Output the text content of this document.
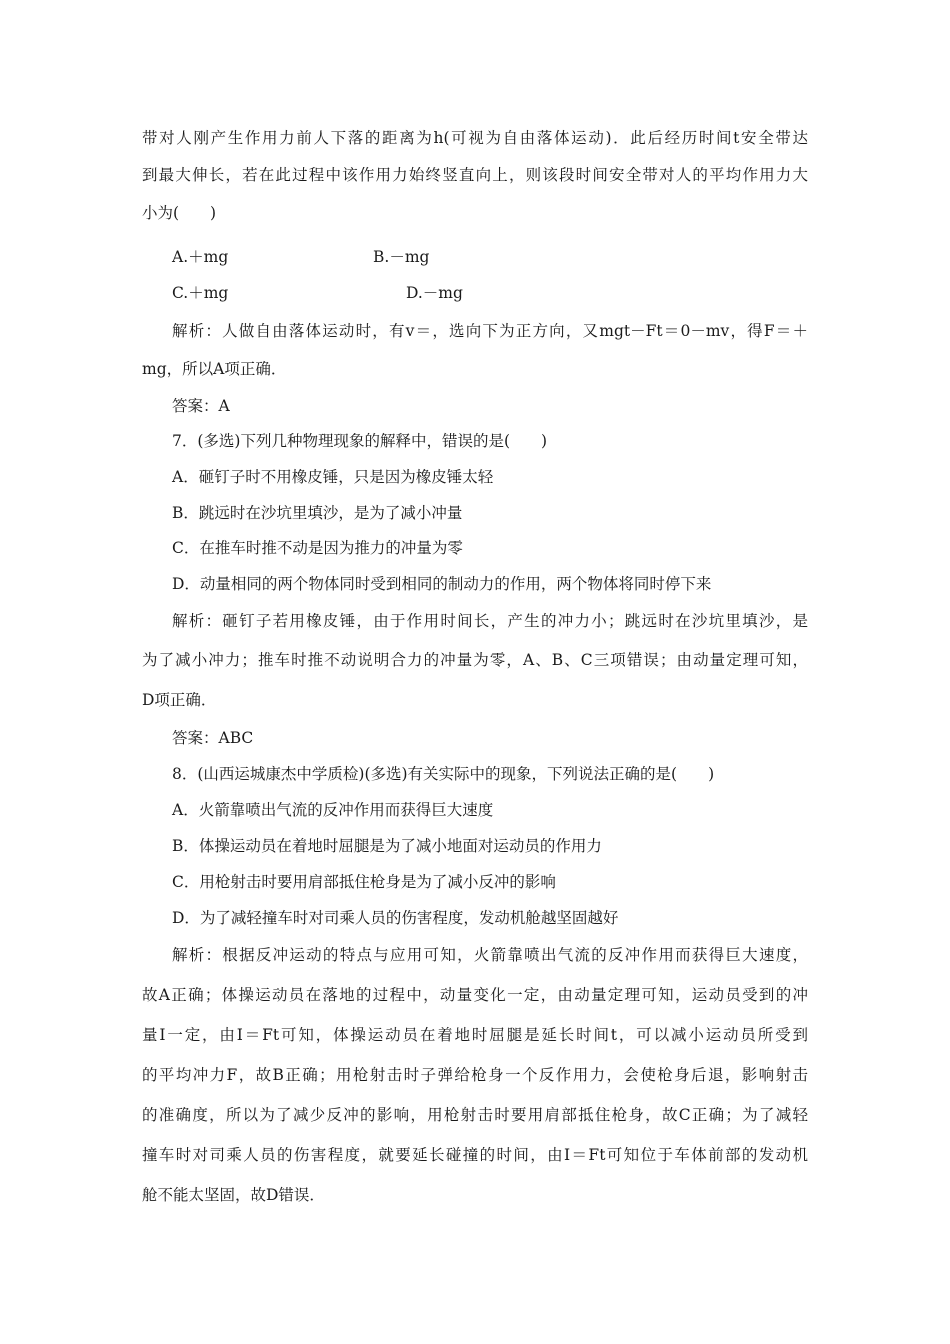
带对人刚产生作用力前人下落的距离为h(可视为自由落体运动)．此后经历时间t安全带达
到最大伸长，若在此过程中该作用力始终竖直向上，则该段时间安全带对人的平均作用力大
小为(　　)
A.＋mg	B.－mg
C.＋mg	D.－mg
解析：人做自由落体运动时，有v＝，选向下为正方向，又mgt－Ft＝0－mv，得F＝＋
mg，所以A项正确．
答案：A
7．(多选)下列几种物理现象的解释中，错误的是(　　)
A．砸钉子时不用橡皮锤，只是因为橡皮锤太轻
B．跳远时在沙坑里填沙，是为了减小冲量
C．在推车时推不动是因为推力的冲量为零
D．动量相同的两个物体同时受到相同的制动力的作用，两个物体将同时停下来
解析：砸钉子若用橡皮锤，由于作用时间长，产生的冲力小；跳远时在沙坑里填沙，是
为了减小冲力；推车时推不动说明合力的冲量为零，A、B、C三项错误；由动量定理可知，
D项正确．
答案：ABC
8．(山西运城康杰中学质检)(多选)有关实际中的现象，下列说法正确的是(　　)
A．火箭靠喷出气流的反冲作用而获得巨大速度
B．体操运动员在着地时屈腿是为了减小地面对运动员的作用力
C．用枪射击时要用肩部抵住枪身是为了减小反冲的影响
D．为了减轻撞车时对司乘人员的伤害程度，发动机舱越坚固越好
解析：根据反冲运动的特点与应用可知，火箭靠喷出气流的反冲作用而获得巨大速度，
故A正确；体操运动员在落地的过程中，动量变化一定，由动量定理可知，运动员受到的冲
量I一定，由I＝Ft可知，体操运动员在着地时屈腿是延长时间t，可以减小运动员所受到
的平均冲力F，故B正确；用枪射击时子弹给枪身一个反作用力，会使枪身后退，影响射击
的准确度，所以为了减少反冲的影响，用枪射击时要用肩部抵住枪身，故C正确；为了减轻
撞车时对司乘人员的伤害程度，就要延长碰撞的时间，由I＝Ft可知位于车体前部的发动机
舱不能太坚固，故D错误．
